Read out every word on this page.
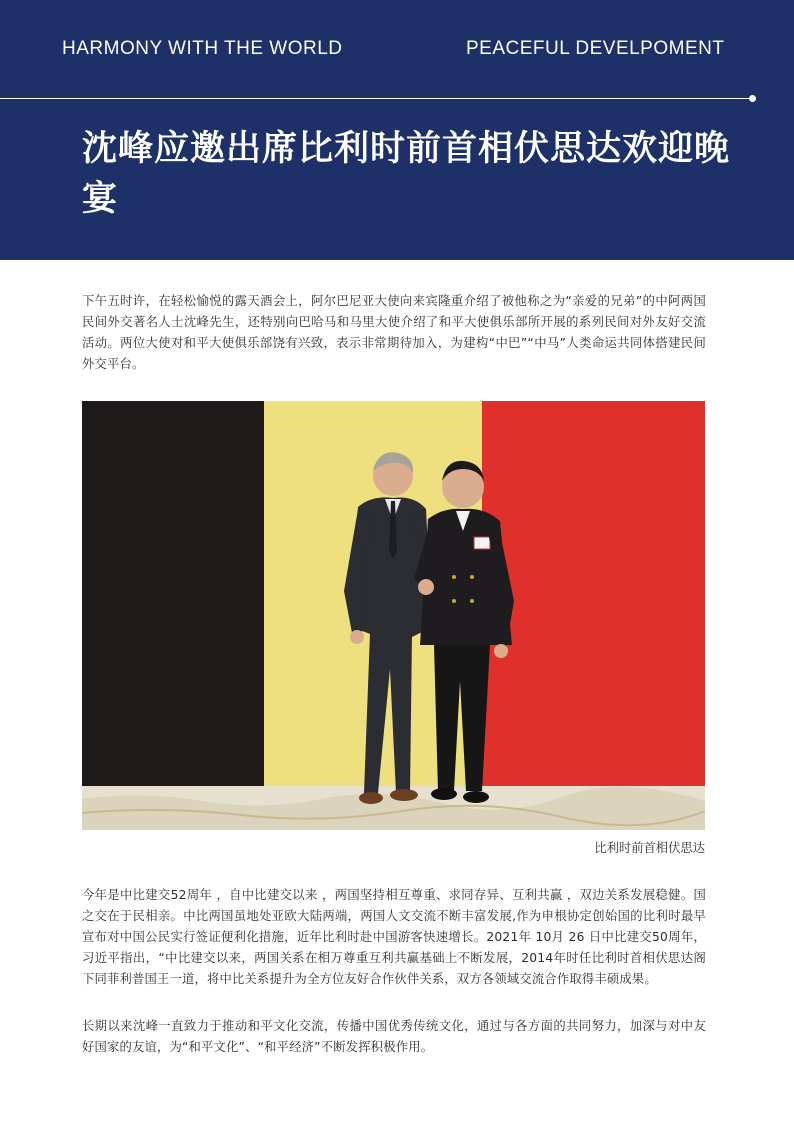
HARMONY WITH THE WORLD	PEACEFUL DEVELPOMENT
沈峰应邀出席比利时前首相伏思达欢迎晚宴

下午五时许，在轻松愉悦的露天酒会上，阿尔巴尼亚大使向来宾隆重介绍了被他称之为“亲爱的兄弟”的中阿两国民间外交著名人士沈峰先生，还特别向巴哈马和马里大使介绍了和平大使俱乐部所开展的系列民间对外友好交流活动。两位大使对和平大使俱乐部饶有兴致，表示非常期待加入，为建构“中巴”“中马”人类命运共同体搭建民间外交平台。

比利时前首相伏思达

今年是中比建交52周年 ，自中比建交以来 ，两国坚持相互尊重、求同存异、互利共赢 ，双边关系发展稳健。国之交在于民相亲。中比两国虽地处亚欧大陆两端，两国人文交流不断丰富发展,作为申根协定创始国的比利时最早宣布对中国公民实行签证便利化措施，近年比利时赴中国游客快速增长。2021年 10月 26 日中比建交50周年，习近平指出，“中比建交以来，两国关系在相万尊重互利共赢基础上不断发展，2014年时任比利时首相伏思达阁下同菲利普国王一道，将中比关系提升为全方位友好合作伙伴关系，双方各领域交流合作取得丰硕成果。

长期以来沈峰一直致力于推动和平文化交流，传播中国优秀传统文化，通过与各方面的共同努力，加深与对中友好国家的友谊，为“和平文化”、“和平经济”不断发挥积极作用。
